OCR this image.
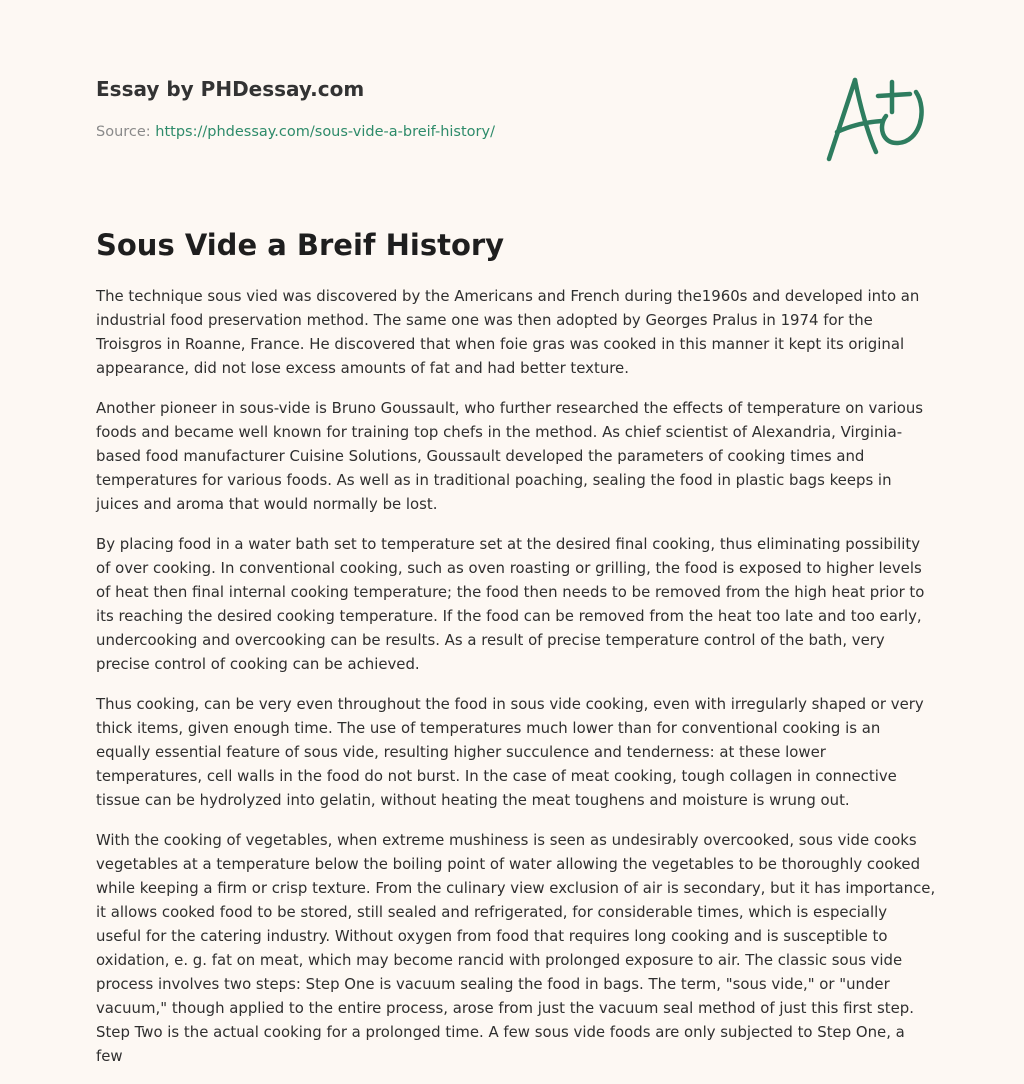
Essay by PHDessay.com
Source: https://phdessay.com/sous-vide-a-breif-history/
Sous Vide a Breif History

The technique sous vied was discovered by the Americans and French during the1960s and developed into an industrial food preservation method. The same one was then adopted by Georges Pralus in 1974 for the Troisgros in Roanne, France. He discovered that when foie gras was cooked in this manner it kept its original appearance, did not lose excess amounts of fat and had better texture.

Another pioneer in sous-vide is Bruno Goussault, who further researched the effects of temperature on various foods and became well known for training top chefs in the method. As chief scientist of Alexandria, Virginia-based food manufacturer Cuisine Solutions, Goussault developed the parameters of cooking times and temperatures for various foods. As well as in traditional poaching, sealing the food in plastic bags keeps in juices and aroma that would normally be lost.

By placing food in a water bath set to temperature set at the desired final cooking, thus eliminating possibility of over cooking. In conventional cooking, such as oven roasting or grilling, the food is exposed to higher levels of heat then final internal cooking temperature; the food then needs to be removed from the high heat prior to its reaching the desired cooking temperature. If the food can be removed from the heat too late and too early, undercooking and overcooking can be results. As a result of precise temperature control of the bath, very precise control of cooking can be achieved.

Thus cooking, can be very even throughout the food in sous vide cooking, even with irregularly shaped or very thick items, given enough time. The use of temperatures much lower than for conventional cooking is an equally essential feature of sous vide, resulting higher succulence and tenderness: at these lower temperatures, cell walls in the food do not burst. In the case of meat cooking, tough collagen in connective tissue can be hydrolyzed into gelatin, without heating the meat toughens and moisture is wrung out.

With the cooking of vegetables, when extreme mushiness is seen as undesirably overcooked, sous vide cooks vegetables at a temperature below the boiling point of water allowing the vegetables to be thoroughly cooked while keeping a firm or crisp texture. From the culinary view exclusion of air is secondary, but it has importance, it allows cooked food to be stored, still sealed and refrigerated, for considerable times, which is especially useful for the catering industry. Without oxygen from food that requires long cooking and is susceptible to oxidation, e. g. fat on meat, which may become rancid with prolonged exposure to air. The classic sous vide process involves two steps: Step One is vacuum sealing the food in bags. The term, "sous vide," or "under vacuum," though applied to the entire process, arose from just the vacuum seal method of just this first step. Step Two is the actual cooking for a prolonged time. A few sous vide foods are only subjected to Step One, a few
